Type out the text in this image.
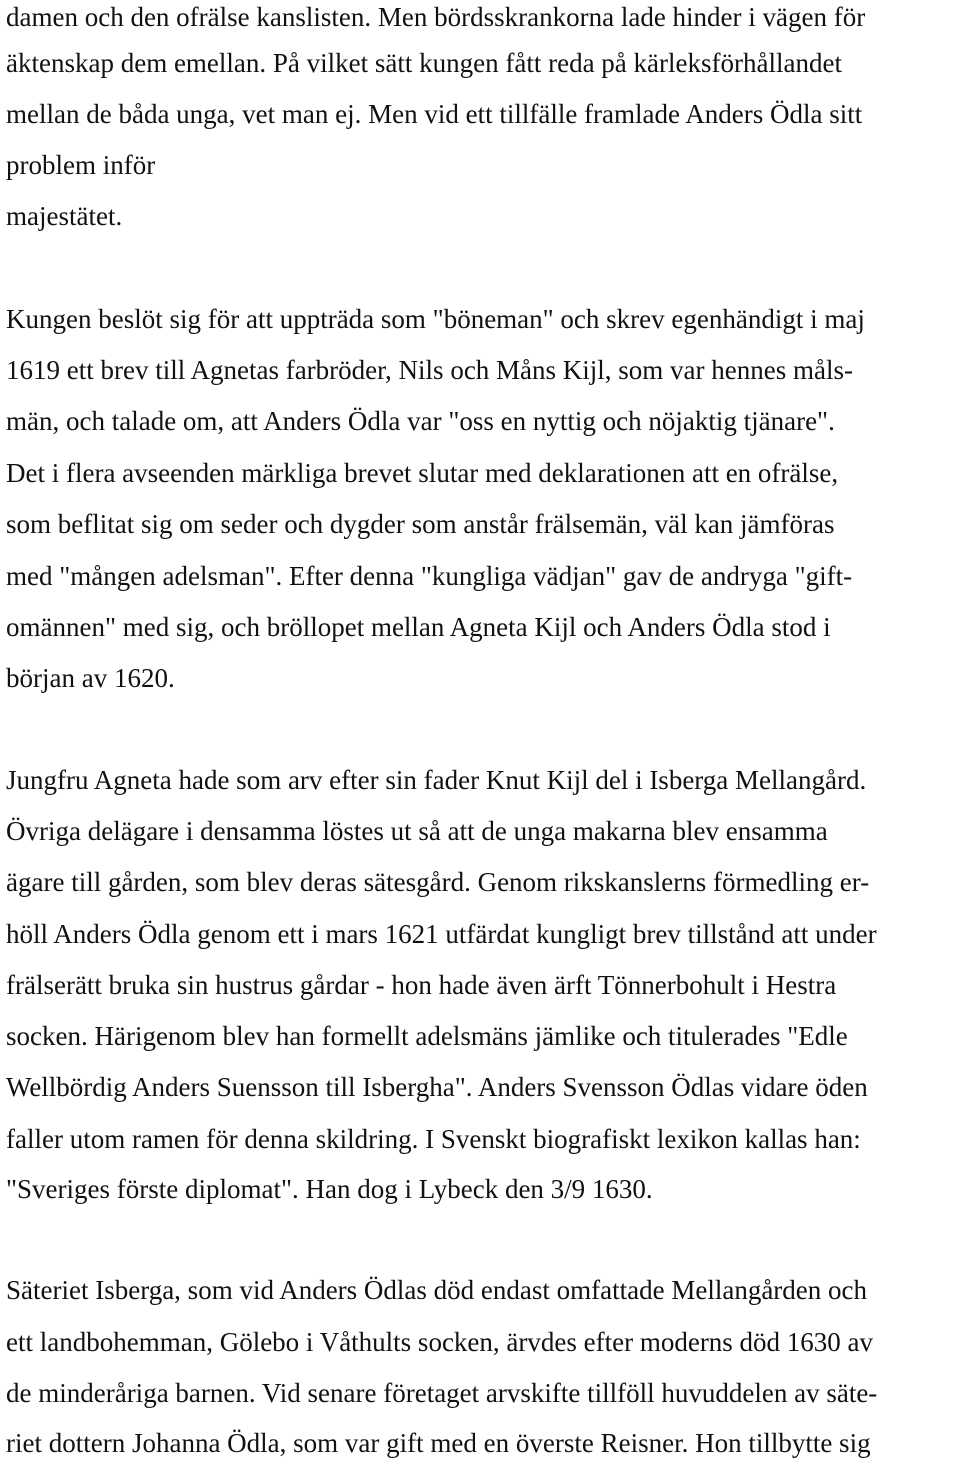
damen och den ofrälse kanslisten. Men bördsskrankorna lade hinder i vägen för
äktenskap dem emellan. På vilket sätt kungen fått reda på kärleksförhållandet
mellan de båda unga, vet man ej. Men vid ett tillfälle framlade Anders Ödla sitt
problem inför
majestätet.
Kungen beslöt sig för att uppträda som "böneman" och skrev egenhändigt i maj
1619 ett brev till Agnetas farbröder, Nils och Måns Kijl, som var hennes måls-
män, och talade om, att Anders Ödla var "oss en nyttig och nöjaktig tjänare".
Det i flera avseenden märkliga brevet slutar med deklarationen att en ofrälse,
som beflitat sig om seder och dygder som anstår frälsemän, väl kan jämföras
med "mången adelsman". Efter denna "kungliga vädjan" gav de andryga "gift-
omännen" med sig, och bröllopet mellan Agneta Kijl och Anders Ödla stod i
början av 1620.
Jungfru Agneta hade som arv efter sin fader Knut Kijl del i Isberga Mellangård.
Övriga delägare i densamma löstes ut så att de unga makarna blev ensamma
ägare till gården, som blev deras sätesgård. Genom rikskanslerns förmedling er-
höll Anders Ödla genom ett i mars 1621 utfärdat kungligt brev tillstånd att under
frälserätt bruka sin hustrus gårdar - hon hade även ärft Tönnerbohult i Hestra
socken. Härigenom blev han formellt adelsmäns jämlike och titulerades "Edle
Wellbördig Anders Suensson till Isbergha". Anders Svensson Ödlas vidare öden
faller utom ramen för denna skildring. I Svenskt biografiskt lexikon kallas han:
"Sveriges förste diplomat". Han dog i Lybeck den 3/9 1630.
Säteriet Isberga, som vid Anders Ödlas död endast omfattade Mellangården och
ett landbohemman, Gölebo i Våthults socken, ärvdes efter moderns död 1630 av
de minderåriga barnen. Vid senare företaget arvskifte tillföll huvuddelen av säte-
riet dottern Johanna Ödla, som var gift med en överste Reisner. Hon tillbytte sig
